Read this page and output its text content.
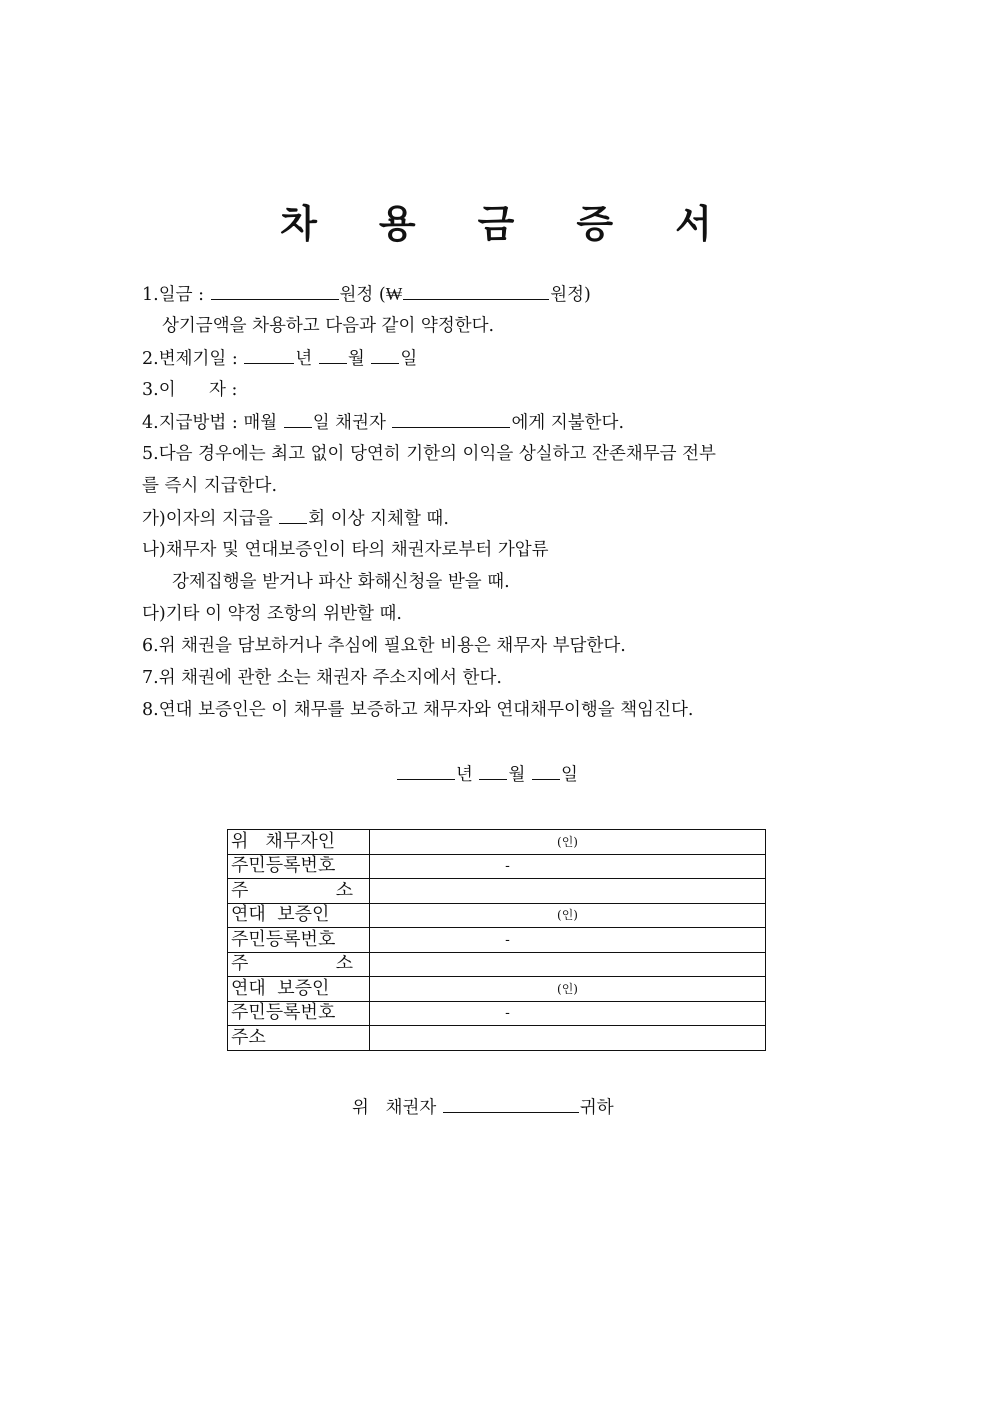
차 용 금 증 서
1.일금 :	원정 (₩	원정)
상기금액을 차용하고 다음과 같이 약정한다.
2.변제기일 :	년 월 일
3.이      자 :
4.지급방법 : 매월 일 채권자	에게 지불한다.
5.다음 경우에는 최고 없이 당연히 기한의 이익을 상실하고 잔존채무금 전부
를 즉시 지급한다.
가)이자의 지급을 회 이상 지체할 때.
나)채무자 및 연대보증인이 타의 채권자로부터 가압류
강제집행을 받거나 파산 화해신청을 받을 때.
다)기타 이 약정 조항의 위반할 때.
6.위 채권을 담보하거나 추심에 필요한 비용은 채무자 부담한다.
7.위 채권에 관한 소는 채권자 주소지에서 한다.
8.연대 보증인은 이 채무를 보증하고 채무자와 연대채무이행을 책임진다.
년 월 일
위   채무자인	(인)
주민등록번호	-

주 소	

연대  보증인	(인)
주민등록번호	-

주 소	

연대  보증인	(인)
주민등록번호	-
주소	
위   채권자	귀하
